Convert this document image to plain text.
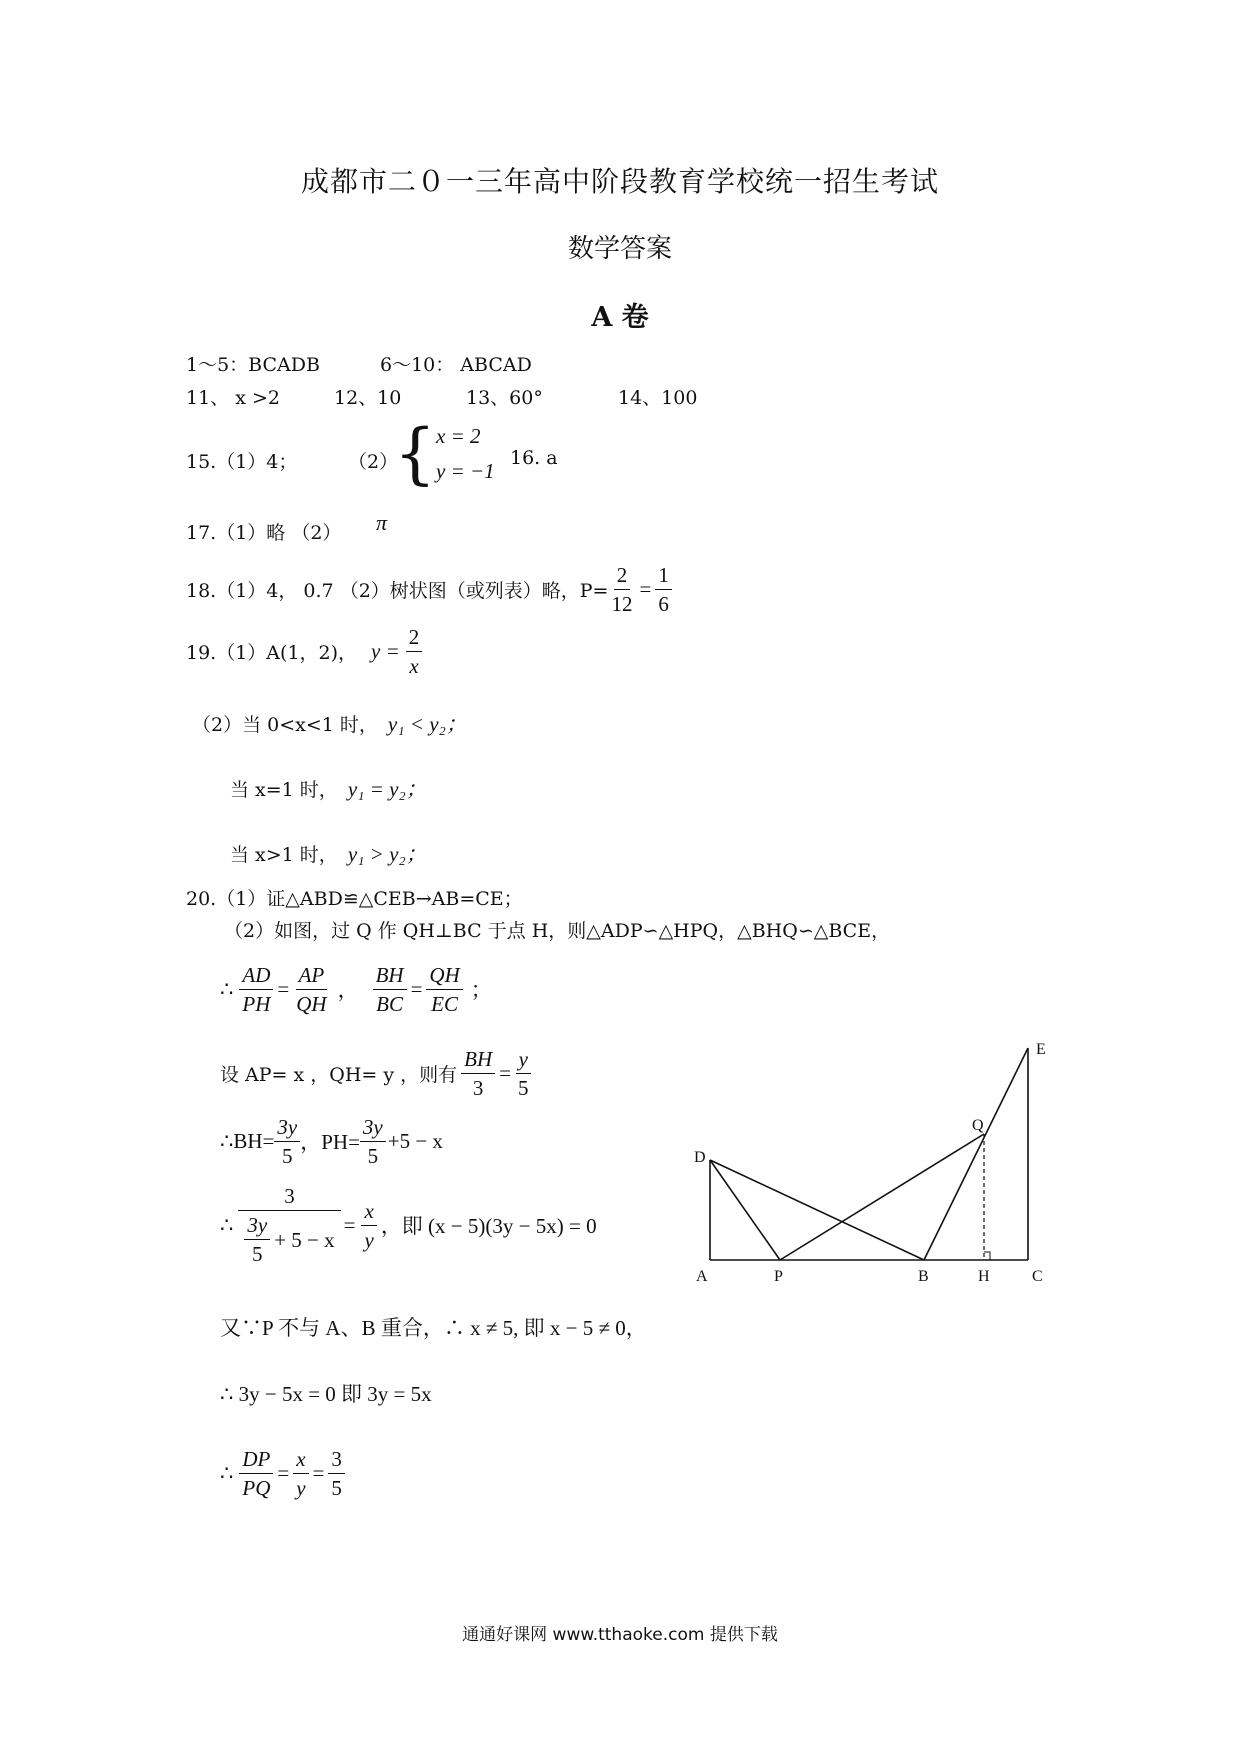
成都市二０一三年高中阶段教育学校统一招生考试
数学答案
A 卷
1～5：BCADB	6～10： ABCAD
11、 x >2	12、10	13、60°	14、100
15.（1）4；	（2）
{ x = 2
y = −1
16. a
17.（1）略 （2） π
18.（1）4， 0.7 （2）树状图（或列表）略，$P= \frac{2}{12} = \frac{1}{6}$
19.（1）A(1，2)， $y = \frac{2}{x}$
（2）当 0<x<1 时， y₁ < y₂；
当 x=1 时， y₁ = y₂；
当 x>1 时， y₁ > y₂；
20.（1）证△ABD≌△CEB→AB=CE；
（2）如图，过 Q 作 QH⊥BC 于点 H，则△ADP∽△HPQ，△BHQ∽△BCE，
∴ $\frac{AD}{PH} = \frac{AP}{QH}$ ， $\frac{BH}{BC} = \frac{QH}{EC}$ ；
设 AP= x ，QH= y ，则有 $\frac{BH}{3} = \frac{y}{5}$
∴BH= $\frac{3y}{5}$ ，$PH= \frac{3y}{5} +5 - x$
∴ $\frac{3}{\frac{3y}{5} + 5 - x} = \frac{x}{y}$ ，即 (x − 5)(3y − 5x) = 0
又∵P 不与 A、B 重合，∴ x ≠ 5, 即 x − 5 ≠ 0，
∴ 3y − 5x = 0 即 3y = 5x
∴ $\frac{DP}{PQ} = \frac{x}{y} = \frac{3}{5}$
A	P	B	H	C
D
Q
E
通通好课网 www.tthaoke.com 提供下载
